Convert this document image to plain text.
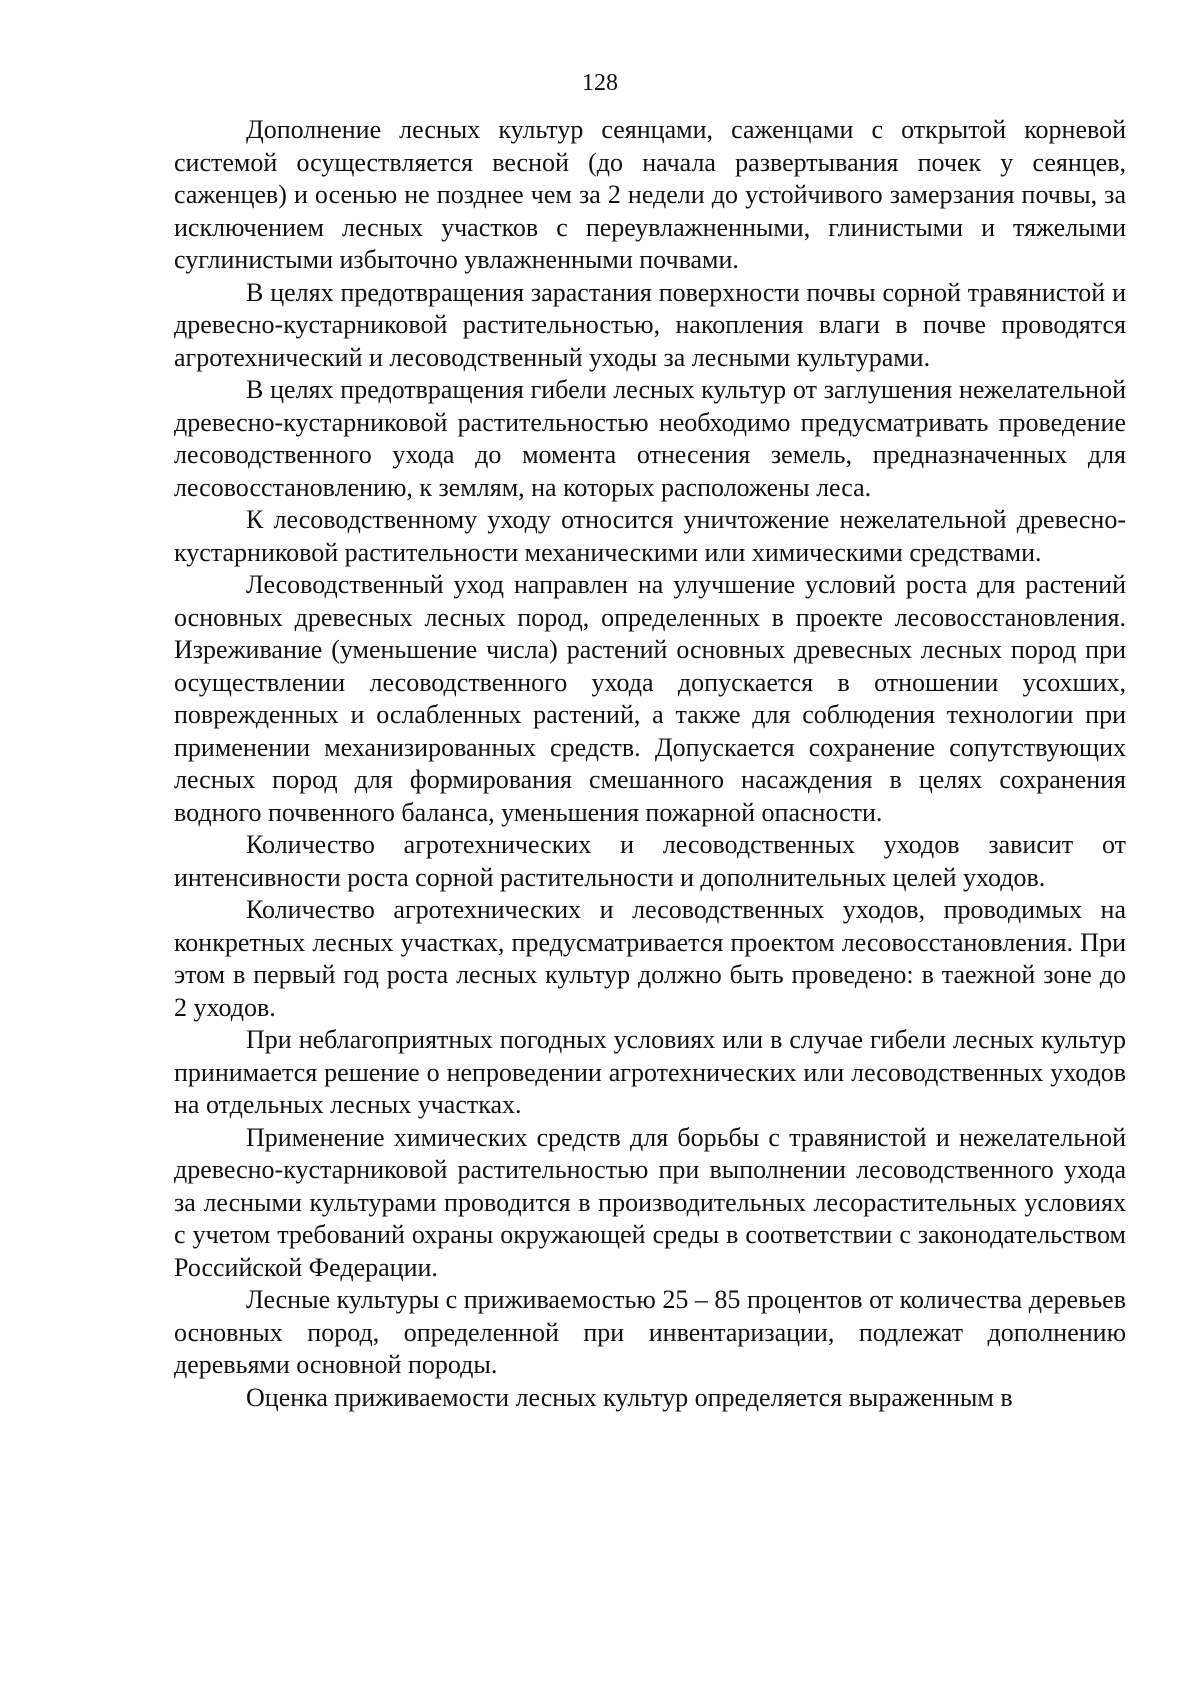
128

Дополнение лесных культур сеянцами, саженцами с открытой корневой системой осуществляется весной (до начала развертывания почек у сеянцев, саженцев) и осенью не позднее чем за 2 недели до устойчивого замерзания почвы, за исключением лесных участков с переувлажненными, глинистыми и тяжелыми суглинистыми избыточно увлажненными почвами.

В целях предотвращения зарастания поверхности почвы сорной травянистой и древесно-кустарниковой растительностью, накопления влаги в почве проводятся агротехнический и лесоводственный уходы за лесными культурами.

В целях предотвращения гибели лесных культур от заглушения нежелательной древесно-кустарниковой растительностью необходимо предусматривать проведение лесоводственного ухода до момента отнесения земель, предназначенных для лесовосстановлению, к землям, на которых расположены леса.

К лесоводственному уходу относится уничтожение нежелательной древесно-кустарниковой растительности механическими или химическими средствами.

Лесоводственный уход направлен на улучшение условий роста для растений основных древесных лесных пород, определенных в проекте лесовосстановления. Изреживание (уменьшение числа) растений основных древесных лесных пород при осуществлении лесоводственного ухода допускается в отношении усохших, поврежденных и ослабленных растений, а также для соблюдения технологии при применении механизированных средств. Допускается сохранение сопутствующих лесных пород для формирования смешанного насаждения в целях сохранения водного почвенного баланса, уменьшения пожарной опасности.

Количество агротехнических и лесоводственных уходов зависит от интенсивности роста сорной растительности и дополнительных целей уходов.

Количество агротехнических и лесоводственных уходов, проводимых на конкретных лесных участках, предусматривается проектом лесовосстановления. При этом в первый год роста лесных культур должно быть проведено: в таежной зоне до 2 уходов.

При неблагоприятных погодных условиях или в случае гибели лесных культур принимается решение о непроведении агротехнических или лесоводственных уходов на отдельных лесных участках.

Применение химических средств для борьбы с травянистой и нежелательной древесно-кустарниковой растительностью при выполнении лесоводственного ухода за лесными культурами проводится в производительных лесорастительных условиях с учетом требований охраны окружающей среды в соответствии с законодательством Российской Федерации.

Лесные культуры с приживаемостью 25 – 85 процентов от количества деревьев основных пород, определенной при инвентаризации, подлежат дополнению деревьями основной породы.

Оценка приживаемости лесных культур определяется выраженным в
